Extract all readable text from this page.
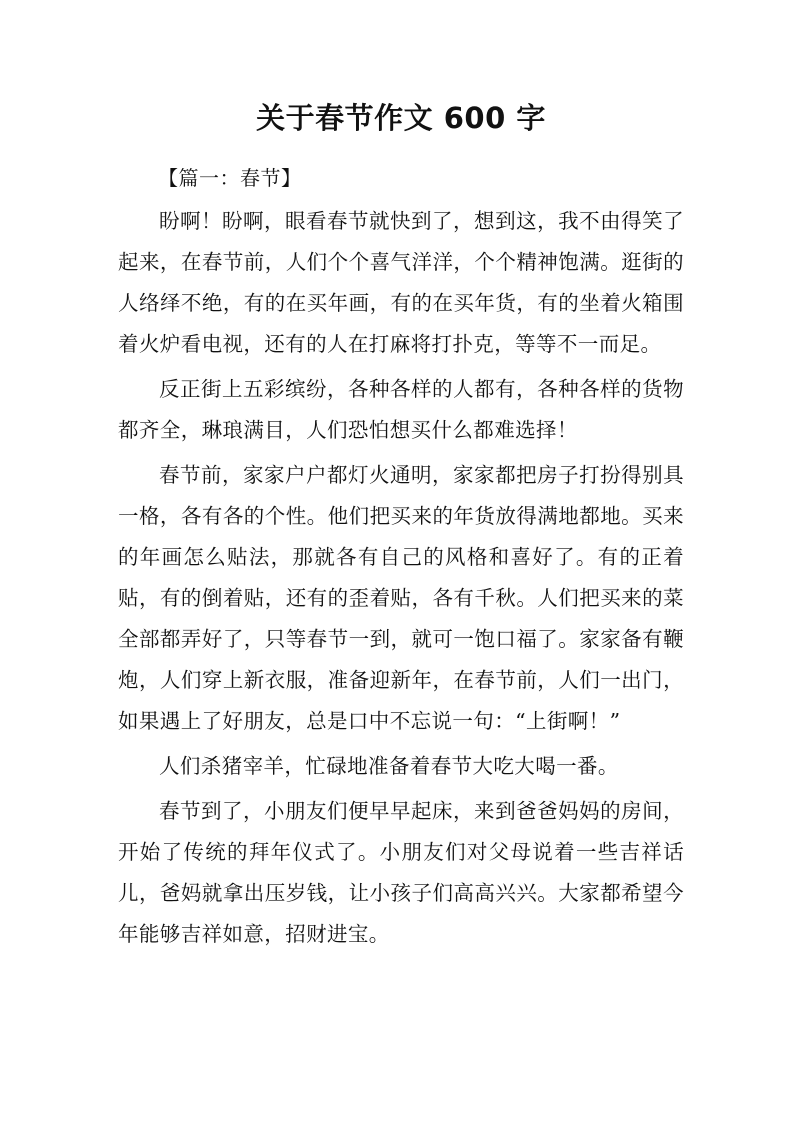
关于春节作文 600 字

【篇一：春节】

盼啊！盼啊，眼看春节就快到了，想到这，我不由得笑了起来，在春节前，人们个个喜气洋洋，个个精神饱满。逛街的人络绎不绝，有的在买年画，有的在买年货，有的坐着火箱围着火炉看电视，还有的人在打麻将打扑克，等等不一而足。

反正街上五彩缤纷，各种各样的人都有，各种各样的货物都齐全，琳琅满目，人们恐怕想买什么都难选择！

春节前，家家户户都灯火通明，家家都把房子打扮得别具一格，各有各的个性。他们把买来的年货放得满地都地。买来的年画怎么贴法，那就各有自己的风格和喜好了。有的正着贴，有的倒着贴，还有的歪着贴，各有千秋。人们把买来的菜全部都弄好了，只等春节一到，就可一饱口福了。家家备有鞭炮，人们穿上新衣服，准备迎新年，在春节前，人们一出门，如果遇上了好朋友，总是口中不忘说一句：“上街啊！”

人们杀猪宰羊，忙碌地准备着春节大吃大喝一番。

春节到了，小朋友们便早早起床，来到爸爸妈妈的房间，开始了传统的拜年仪式了。小朋友们对父母说着一些吉祥话儿，爸妈就拿出压岁钱，让小孩子们高高兴兴。大家都希望今年能够吉祥如意，招财进宝。
